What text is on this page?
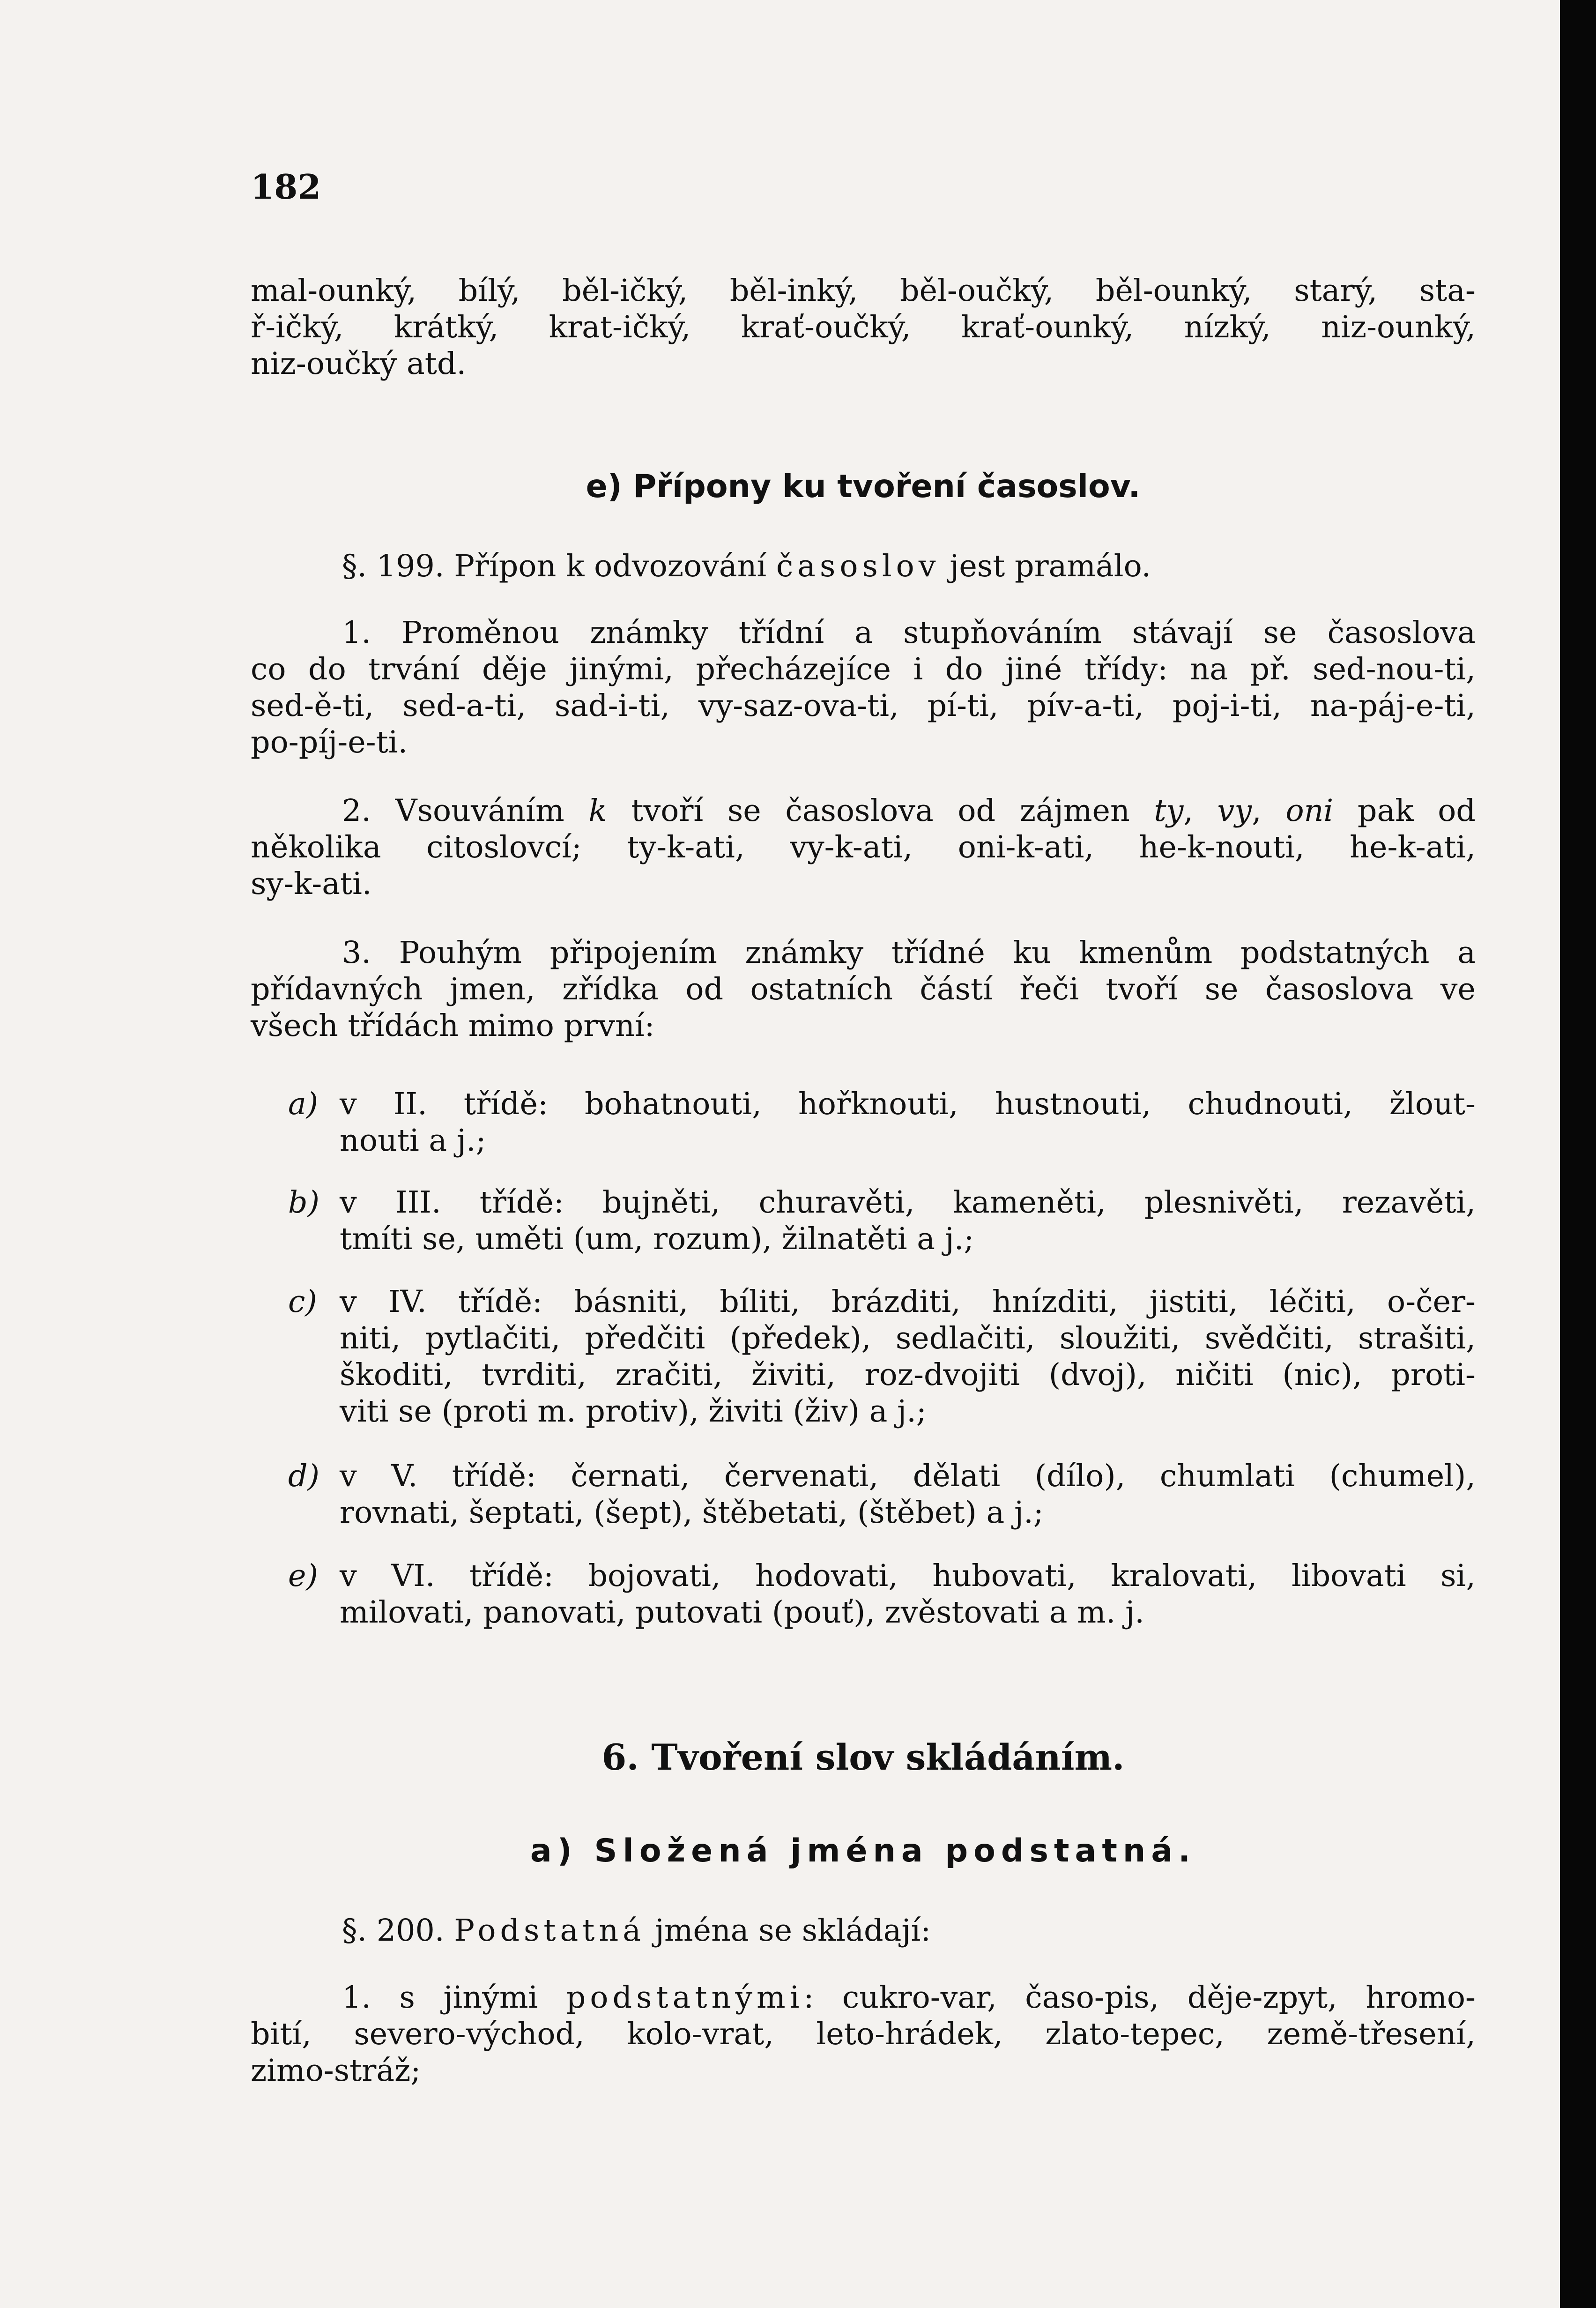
182
mal-ounký, bílý, běl-ičký, běl-inký, běl-oučký, běl-ounký, starý, sta-
ř-ičký, krátký, krat-ičký, krať-oučký, krať-ounký, nízký, niz-ounký,
niz-oučký atd.
e) Přípony ku tvoření časoslov.
§. 199. Přípon k odvozování časoslov jest pramálo.
1. Proměnou známky třídní a stupňováním stávají se časoslova
co do trvání děje jinými, přecházejíce i do jiné třídy: na př. sed-nou-ti,
sed-ě-ti, sed-a-ti, sad-i-ti, vy-saz-ova-ti, pí-ti, pív-a-ti, poj-i-ti, na-páj-e-ti,
po-píj-e-ti.
2. Vsouváním k tvoří se časoslova od zájmen ty, vy, oni pak od
několika citoslovcí; ty-k-ati, vy-k-ati, oni-k-ati, he-k-nouti, he-k-ati,
sy-k-ati.
3. Pouhým připojením známky třídné ku kmenům podstatných a
přídavných jmen, zřídka od ostatních částí řeči tvoří se časoslova ve
všech třídách mimo první:
a) v II. třídě: bohatnouti, hořknouti, hustnouti, chudnouti, žlout-
nouti a j.;
b) v III. třídě: bujněti, churavěti, kameněti, plesnivěti, rezavěti,
tmíti se, uměti (um, rozum), žilnatěti a j.;
c) v IV. třídě: básniti, bíliti, brázditi, hnízditi, jistiti, léčiti, o-čer-
niti, pytlačiti, předčiti (předek), sedlačiti, sloužiti, svědčiti, strašiti,
škoditi, tvrditi, zračiti, živiti, roz-dvojiti (dvoj), ničiti (nic), proti-
viti se (proti m. protiv), živiti (živ) a j.;
d) v V. třídě: černati, červenati, dělati (dílo), chumlati (chumel),
rovnati, šeptati, (šept), štěbetati, (štěbet) a j.;
e) v VI. třídě: bojovati, hodovati, hubovati, kralovati, libovati si,
milovati, panovati, putovati (pouť), zvěstovati a m. j.
6. Tvoření slov skládáním.
a) Složená jména podstatná.
§. 200. Podstatná jména se skládají:
1. s jinými podstatnými: cukro-var, časo-pis, děje-zpyt, hromo-
bití, severo-východ, kolo-vrat, leto-hrádek, zlato-tepec, země-třesení,
zimo-stráž;
